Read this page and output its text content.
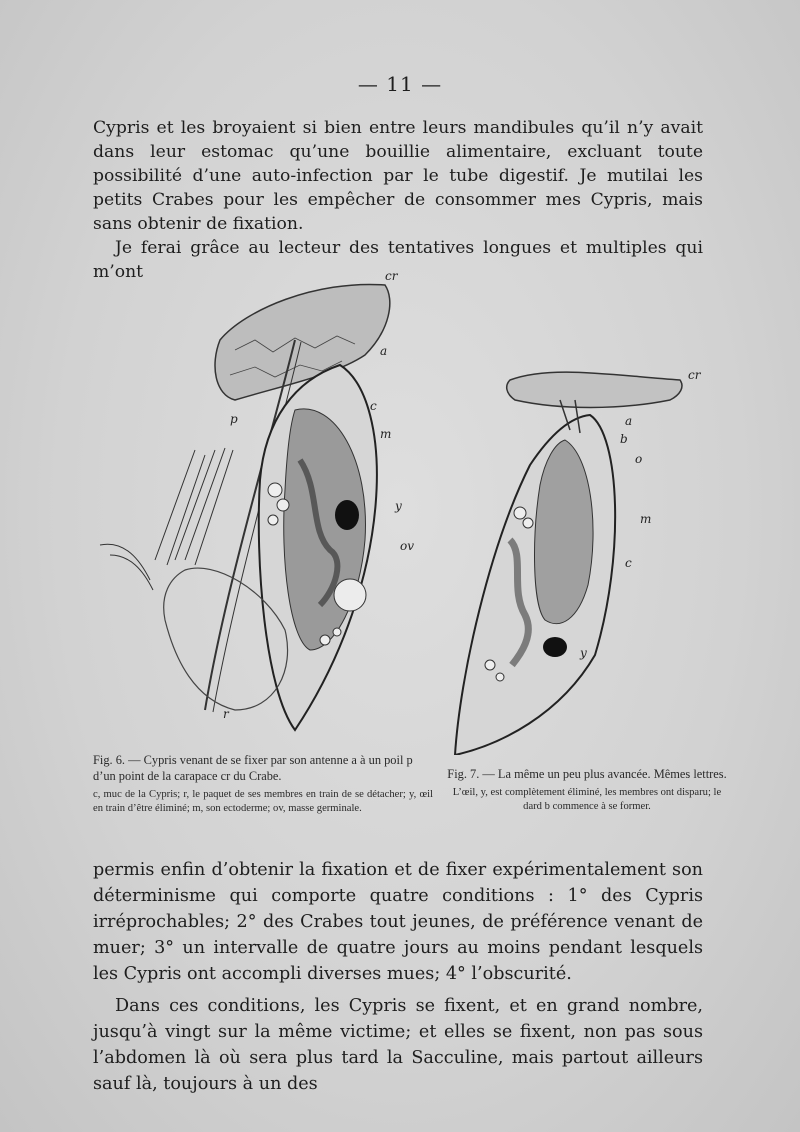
— 11 —

Cypris et les broyaient si bien entre leurs mandibules qu’il n’y avait dans leur estomac qu’une bouillie alimentaire, excluant toute possibilité d’une auto-infection par le tube digestif. Je mutilai les petits Crabes pour les empêcher de consommer mes Cypris, mais sans obtenir de fixation.

Je ferai grâce au lecteur des tentatives longues et multiples qui m’ont	cr
a
c
m
y
ov
p
r
cr
a
b
o
m
c
y
Fig. 6. — Cypris venant de se fixer par son antenne a à un poil p d’un point de la carapace cr du Crabe.
c, muc de la Cypris; r, le paquet de ses membres en train de se détacher; y, œil en train d’être éliminé; m, son ectoderme; ov, masse germinale.
Fig. 7. — La même un peu plus avancée. Mêmes lettres.
L’œil, y, est complètement éliminé, les membres ont disparu; le dard b commence à se former.

permis enfin d’obtenir la fixation et de fixer expérimentalement son déterminisme qui comporte quatre conditions : 1° des Cypris irréprochables; 2° des Crabes tout jeunes, de préférence venant de muer; 3° un intervalle de quatre jours au moins pendant lesquels les Cypris ont accompli diverses mues; 4° l’obscurité.

Dans ces conditions, les Cypris se fixent, et en grand nombre, jusqu’à vingt sur la même victime; et elles se fixent, non pas sous l’abdomen là où sera plus tard la Sacculine, mais partout ailleurs sauf là, toujours à un des
